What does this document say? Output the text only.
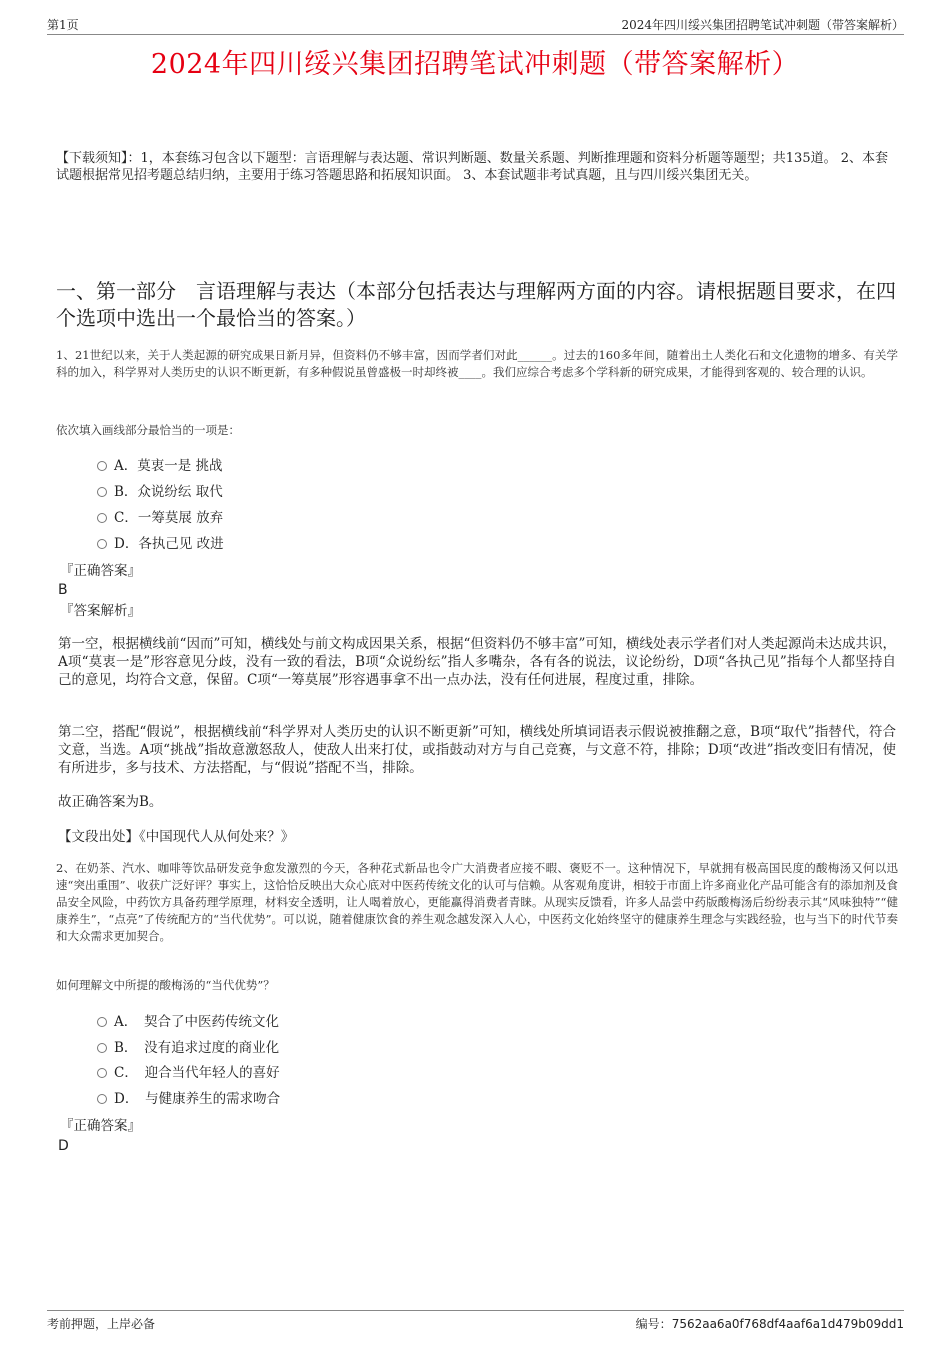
第1页	2024年四川绥兴集团招聘笔试冲刺题（带答案解析）
2024年四川绥兴集团招聘笔试冲刺题（带答案解析）
【下载须知】：1，本套练习包含以下题型：言语理解与表达题、常识判断题、数量关系题、判断推理题和资料分析题等题型；共135道。 2、本套试题根据常见招考题总结归纳，主要用于练习答题思路和拓展知识面。 3、本套试题非考试真题，且与四川绥兴集团无关。
一、第一部分　言语理解与表达（本部分包括表达与理解两方面的内容。请根据题目要求，在四个选项中选出一个最恰当的答案。）
1、21世纪以来，关于人类起源的研究成果日新月异，但资料仍不够丰富，因而学者们对此______。过去的160多年间，随着出土人类化石和文化遗物的增多、有关学科的加入，科学界对人类历史的认识不断更新，有多种假说虽曾盛极一时却终被____。我们应综合考虑多个学科新的研究成果，才能得到客观的、较合理的认识。
依次填入画线部分最恰当的一项是：
A．莫衷一是 挑战
B．众说纷纭 取代
C．一筹莫展 放弃
D．各执己见 改进
『正确答案』
B
『答案解析』
第一空，根据横线前“因而”可知，横线处与前文构成因果关系，根据“但资料仍不够丰富”可知，横线处表示学者们对人类起源尚未达成共识，A项“莫衷一是”形容意见分歧，没有一致的看法，B项“众说纷纭”指人多嘴杂，各有各的说法，议论纷纷，D项“各执己见”指每个人都坚持自己的意见，均符合文意，保留。C项“一筹莫展”形容遇事拿不出一点办法，没有任何进展，程度过重，排除。
第二空，搭配“假说”，根据横线前“科学界对人类历史的认识不断更新”可知，横线处所填词语表示假说被推翻之意，B项“取代”指替代，符合文意，当选。A项“挑战”指故意激怒敌人，使敌人出来打仗，或指鼓动对方与自己竞赛，与文意不符，排除；D项“改进”指改变旧有情况，使有所进步，多与技术、方法搭配，与“假说”搭配不当，排除。
故正确答案为B。
【文段出处】《中国现代人从何处来？》
2、在奶茶、汽水、咖啡等饮品研发竞争愈发激烈的今天，各种花式新品也令广大消费者应接不暇、褒贬不一。这种情况下，早就拥有极高国民度的酸梅汤又何以迅速“突出重围”、收获广泛好评？事实上，这恰恰反映出大众心底对中医药传统文化的认可与信赖。从客观角度讲，相较于市面上许多商业化产品可能含有的添加剂及食品安全风险，中药饮方具备药理学原理，材料安全透明，让人喝着放心，更能赢得消费者青睐。从现实反馈看，许多人品尝中药版酸梅汤后纷纷表示其“风味独特”“健康养生”，“点亮”了传统配方的“当代优势”。可以说，随着健康饮食的养生观念越发深入人心，中医药文化始终坚守的健康养生理念与实践经验，也与当下的时代节奏和大众需求更加契合。
如何理解文中所提的酸梅汤的“当代优势”？
A．　契合了中医药传统文化
B．　没有追求过度的商业化
C．　迎合当代年轻人的喜好
D．　与健康养生的需求吻合
『正确答案』
D
考前押题，上岸必备	编号：7562aa6a0f768df4aaf6a1d479b09dd1
